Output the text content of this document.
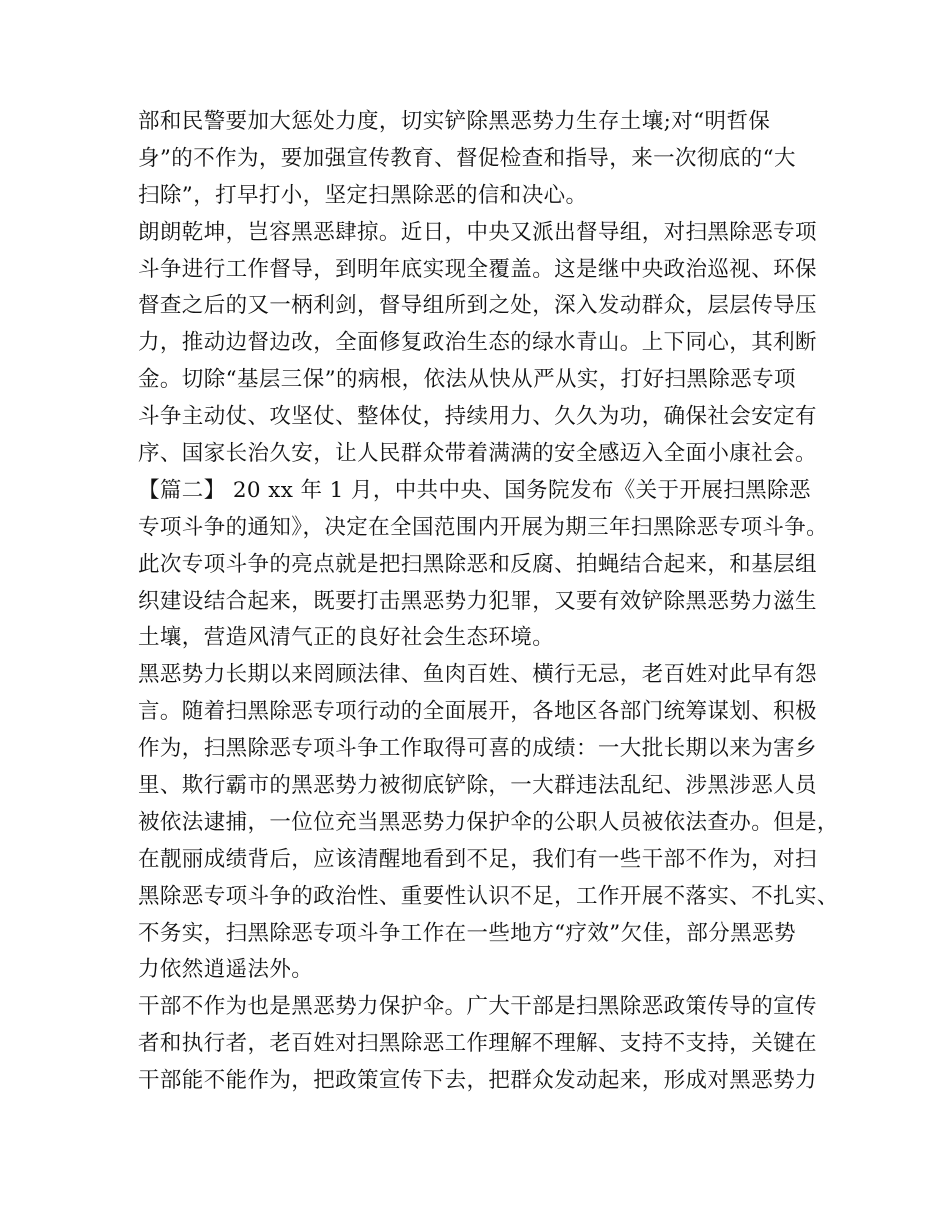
部和民警要加大惩处力度，切实铲除黑恶势力生存土壤;对“明哲保
身”的不作为，要加强宣传教育、督促检查和指导，来一次彻底的“大
扫除”，打早打小，坚定扫黑除恶的信和决心。
朗朗乾坤，岂容黑恶肆掠。近日，中央又派出督导组，对扫黑除恶专项
斗争进行工作督导，到明年底实现全覆盖。这是继中央政治巡视、环保
督查之后的又一柄利剑，督导组所到之处，深入发动群众，层层传导压
力，推动边督边改，全面修复政治生态的绿水青山。上下同心，其利断
金。切除“基层三保”的病根，依法从快从严从实，打好扫黑除恶专项
斗争主动仗、攻坚仗、整体仗，持续用力、久久为功，确保社会安定有
序、国家长治久安，让人民群众带着满满的安全感迈入全面小康社会。
【篇二】 20 xx 年 1 月，中共中央、国务院发布《关于开展扫黑除恶
专项斗争的通知》，决定在全国范围内开展为期三年扫黑除恶专项斗争。
此次专项斗争的亮点就是把扫黑除恶和反腐、拍蝇结合起来，和基层组
织建设结合起来，既要打击黑恶势力犯罪，又要有效铲除黑恶势力滋生
土壤，营造风清气正的良好社会生态环境。
黑恶势力长期以来罔顾法律、鱼肉百姓、横行无忌，老百姓对此早有怨
言。随着扫黑除恶专项行动的全面展开，各地区各部门统筹谋划、积极
作为，扫黑除恶专项斗争工作取得可喜的成绩：一大批长期以来为害乡
里、欺行霸市的黑恶势力被彻底铲除，一大群违法乱纪、涉黑涉恶人员
被依法逮捕，一位位充当黑恶势力保护伞的公职人员被依法查办。但是，
在靓丽成绩背后，应该清醒地看到不足，我们有一些干部不作为，对扫
黑除恶专项斗争的政治性、重要性认识不足，工作开展不落实、不扎实、
不务实，扫黑除恶专项斗争工作在一些地方“疗效”欠佳，部分黑恶势
力依然逍遥法外。
干部不作为也是黑恶势力保护伞。广大干部是扫黑除恶政策传导的宣传
者和执行者，老百姓对扫黑除恶工作理解不理解、支持不支持，关键在
干部能不能作为，把政策宣传下去，把群众发动起来，形成对黑恶势力
